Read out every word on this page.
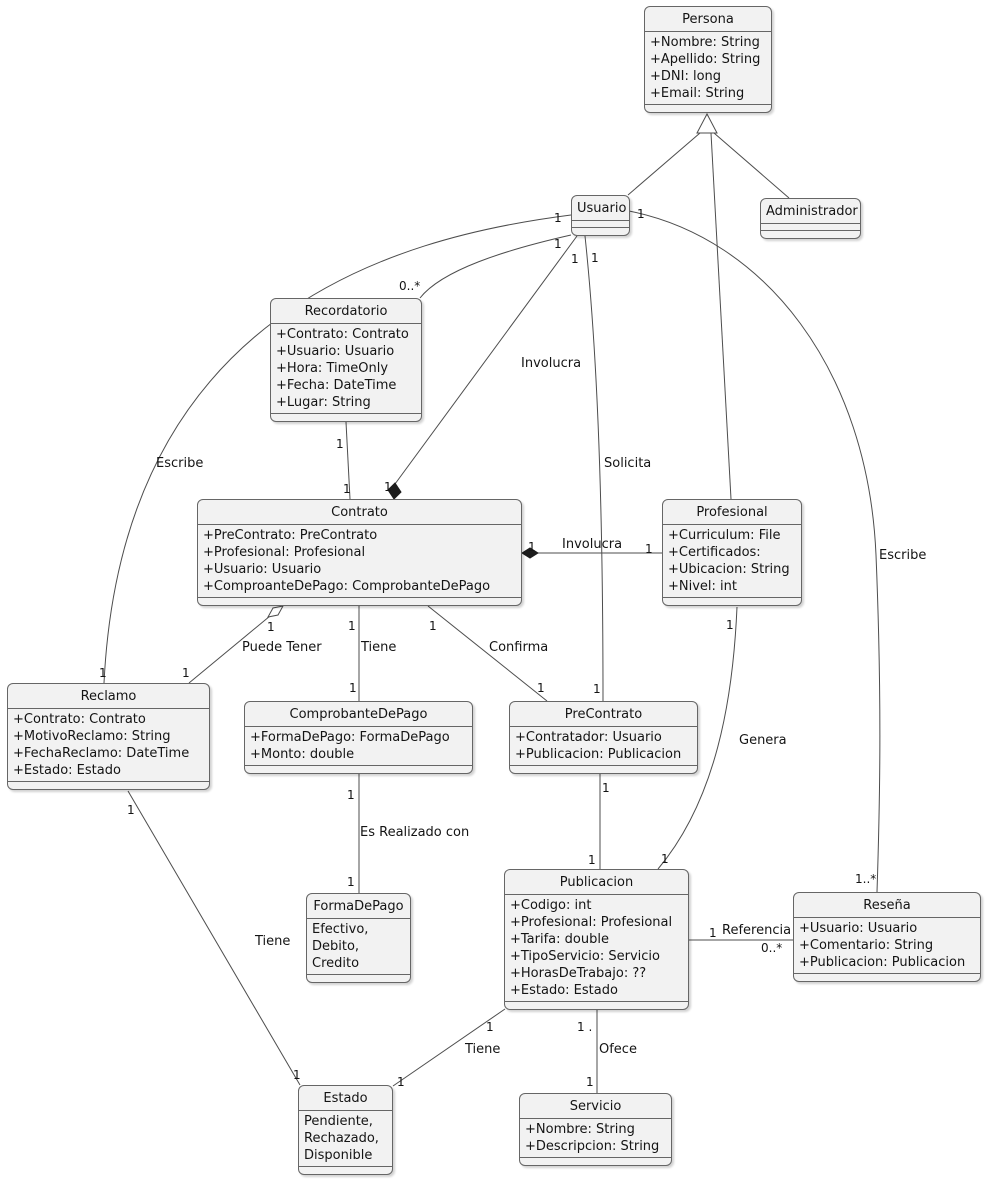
Escribe
Involucra
Solicita
Involucra
Puede Tener	Tiene	Confirma
Es Realizado con
Genera
Escribe
Referencia
Tiene
Tiene	Ofece
0..*
1
1
1 1
1
1
1	1
1	1
1
1
1
1	1
1	1	1
1
1
1
1
1	1
1..*
1
0..*
1 .
1
1
1
1
1
Persona
+Nombre: String
+Apellido: String
+DNI: long
+Email: String
Usuario	Administrador
Recordatorio
+Contrato: Contrato
+Usuario: Usuario
+Hora: TimeOnly
+Fecha: DateTime
+Lugar: String
Contrato
+PreContrato: PreContrato
+Profesional: Profesional
+Usuario: Usuario
+ComproanteDePago: ComprobanteDePago
Profesional
+Curriculum: File
+Certificados:
+Ubicacion: String
+Nivel: int
Reclamo
+Contrato: Contrato
+MotivoReclamo: String
+FechaReclamo: DateTime
+Estado: Estado
ComprobanteDePago
+FormaDePago: FormaDePago
+Monto: double
PreContrato
+Contratador: Usuario
+Publicacion: Publicacion
Publicacion
+Codigo: int
+Profesional: Profesional
+Tarifa: double
+TipoServicio: Servicio
+HorasDeTrabajo: ??
+Estado: Estado
Reseña
+Usuario: Usuario
+Comentario: String
+Publicacion: Publicacion
FormaDePago
Efectivo,
Debito,
Credito
Estado
Pendiente,
Rechazado,
Disponible
Servicio
+Nombre: String
+Descripcion: String
